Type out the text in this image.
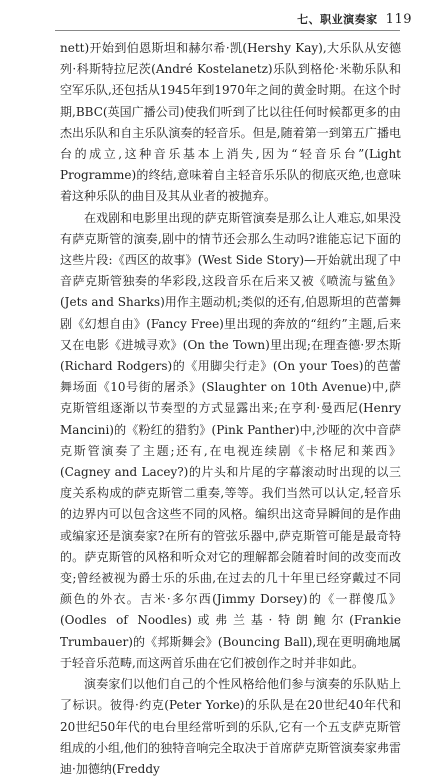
七、职业演奏家 119

nett)开始到伯恩斯坦和赫尔希·凯(Hershy Kay),大乐队从安德列·科斯特拉尼茨(André Kostelanetz)乐队到格伦·米勒乐队和空军乐队,还包括从1945年到1970年之间的黄金时期。在这个时期,BBC(英国广播公司)使我们听到了比以往任何时候都更多的由杰出乐队和自主乐队演奏的轻音乐。但是,随着第一到第五广播电台的成立,这种音乐基本上消失,因为“轻音乐台”(Light Programme)的终结,意味着自主轻音乐乐队的彻底灭绝,也意味着这种乐队的曲目及其从业者的被抛弃。

在戏剧和电影里出现的萨克斯管演奏是那么让人难忘,如果没有萨克斯管的演奏,剧中的情节还会那么生动吗?谁能忘记下面的这些片段:《西区的故事》(West Side Story)—开始就出现了中音萨克斯管独奏的华彩段,这段音乐在后来又被《喷流与鲨鱼》(Jets and Sharks)用作主题动机;类似的还有,伯恩斯坦的芭蕾舞剧《幻想自由》(Fancy Free)里出现的奔放的“纽约”主题,后来又在电影《进城寻欢》(On the Town)里出现;在理查德·罗杰斯(Richard Rodgers)的《用脚尖行走》(On your Toes)的芭蕾舞场面《10号街的屠杀》(Slaughter on 10th Avenue)中,萨克斯管组逐渐以节奏型的方式显露出来;在亨利·曼西尼(Henry Mancini)的《粉红的猎豹》(Pink Panther)中,沙哑的次中音萨克斯管演奏了主题;还有,在电视连续剧《卡格尼和莱西》(Cagney and Lacey?)的片头和片尾的字幕滚动时出现的以三度关系构成的萨克斯管二重奏,等等。我们当然可以认定,轻音乐的边界内可以包含这些不同的风格。编织出这奇异瞬间的是作曲或编家还是演奏家?在所有的管弦乐器中,萨克斯管可能是最奇特的。萨克斯管的风格和听众对它的理解都会随着时间的改变而改变;曾经被视为爵士乐的乐曲,在过去的几十年里已经穿戴过不同颜色的外衣。吉米·多尔西(Jimmy Dorsey)的《一群傻瓜》(Oodles of Noodles)或弗兰基·特朗鲍尔(Frankie Trumbauer)的《邦斯舞会》(Bouncing Ball),现在更明确地属于轻音乐范畴,而这两首乐曲在它们被创作之时并非如此。

演奏家们以他们自己的个性风格给他们参与演奏的乐队贴上了标识。彼得·约克(Peter Yorke)的乐队是在20世纪40年代和20世纪50年代的电台里经常听到的乐队,它有一个五支萨克斯管组成的小组,他们的独特音响完全取决于首席萨克斯管演奏家弗雷迪·加德纳(Freddy
